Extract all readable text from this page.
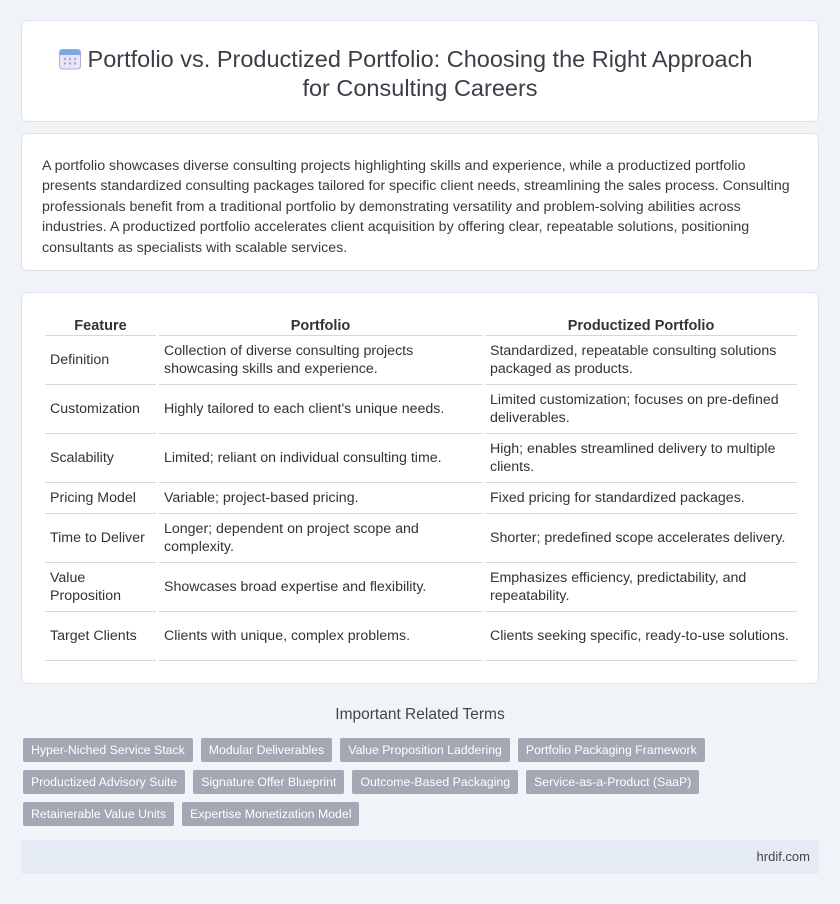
Portfolio vs. Productized Portfolio: Choosing the Right Approach
for Consulting Careers

A portfolio showcases diverse consulting projects highlighting skills and experience, while a productized portfolio presents standardized consulting packages tailored for specific client needs, streamlining the sales process. Consulting professionals benefit from a traditional portfolio by demonstrating versatility and problem-solving abilities across industries. A productized portfolio accelerates client acquisition by offering clear, repeatable solutions, positioning consultants as specialists with scalable services.

Feature	Portfolio	Productized Portfolio
Definition	Collection of diverse consulting projects showcasing skills and experience.	Standardized, repeatable consulting solutions packaged as products.
Customization	Highly tailored to each client's unique needs.	Limited customization; focuses on pre-defined deliverables.
Scalability	Limited; reliant on individual consulting time.	High; enables streamlined delivery to multiple clients.
Pricing Model	Variable; project-based pricing.	Fixed pricing for standardized packages.
Time to Deliver	Longer; dependent on project scope and complexity.	Shorter; predefined scope accelerates delivery.
Value Proposition	Showcases broad expertise and flexibility.	Emphasizes efficiency, predictability, and repeatability.
Target Clients	Clients with unique, complex problems.	Clients seeking specific, ready-to-use solutions.
Important Related Terms
Hyper-Niched Service Stack	Modular Deliverables	Value Proposition Laddering	Portfolio Packaging Framework
Productized Advisory Suite	Signature Offer Blueprint	Outcome-Based Packaging	Service-as-a-Product (SaaP)
Retainerable Value Units	Expertise Monetization Model
hrdif.com
